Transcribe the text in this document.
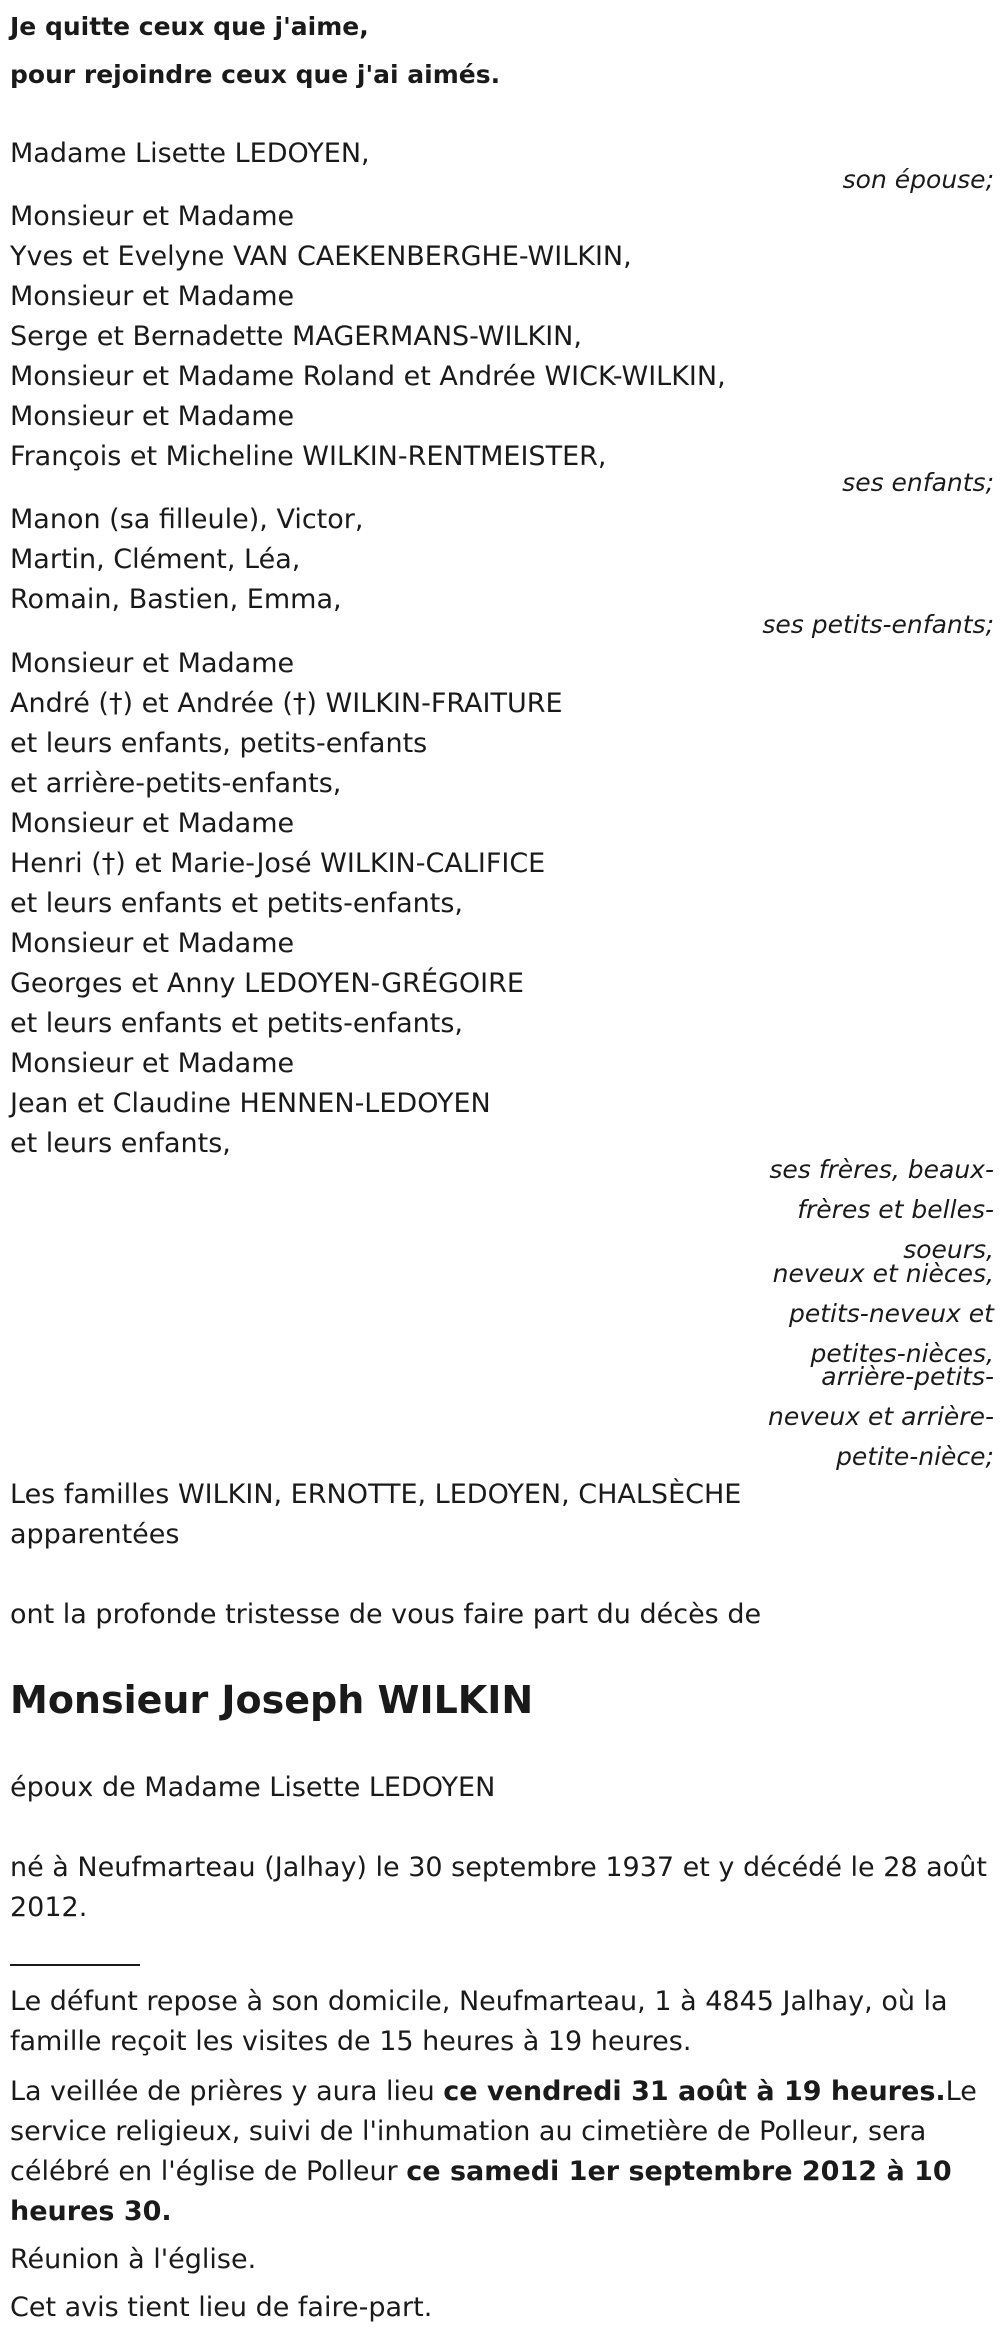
Je quitte ceux que j'aime,

pour rejoindre ceux que j'ai aimés.

Madame Lisette LEDOYEN,

son épouse;

Monsieur et Madame

Yves et Evelyne VAN CAEKENBERGHE-WILKIN,

Monsieur et Madame

Serge et Bernadette MAGERMANS-WILKIN,

Monsieur et Madame Roland et Andrée WICK-WILKIN,

Monsieur et Madame

François et Micheline WILKIN-RENTMEISTER,

ses enfants;

Manon (sa filleule), Victor,

Martin, Clément, Léa,

Romain, Bastien, Emma,

ses petits-enfants;

Monsieur et Madame

André (†) et Andrée (†) WILKIN-FRAITURE

et leurs enfants, petits-enfants

et arrière-petits-enfants,

Monsieur et Madame

Henri (†) et Marie-José WILKIN-CALIFICE

et leurs enfants et petits-enfants,

Monsieur et Madame

Georges et Anny LEDOYEN-GRÉGOIRE

et leurs enfants et petits-enfants,

Monsieur et Madame

Jean et Claudine HENNEN-LEDOYEN

et leurs enfants,

ses frères, beaux-

frères et belles-

soeurs,

neveux et nièces,

petits-neveux et

petites-nièces,

arrière-petits-

neveux et arrière-

petite-nièce;

Les familles WILKIN, ERNOTTE, LEDOYEN, CHALSÈCHE

apparentées

ont la profonde tristesse de vous faire part du décès de

Monsieur Joseph WILKIN

époux de Madame Lisette LEDOYEN

né à Neufmarteau (Jalhay) le 30 septembre 1937 et y décédé le 28 août 2012.

Le défunt repose à son domicile, Neufmarteau, 1 à 4845 Jalhay, où la famille reçoit les visites de 15 heures à 19 heures.

La veillée de prières y aura lieu ce vendredi 31 août à 19 heures.Le service religieux, suivi de l'inhumation au cimetière de Polleur, sera célébré en l'église de Polleur ce samedi 1er septembre 2012 à 10 heures 30.

Réunion à l'église.

Cet avis tient lieu de faire-part.
